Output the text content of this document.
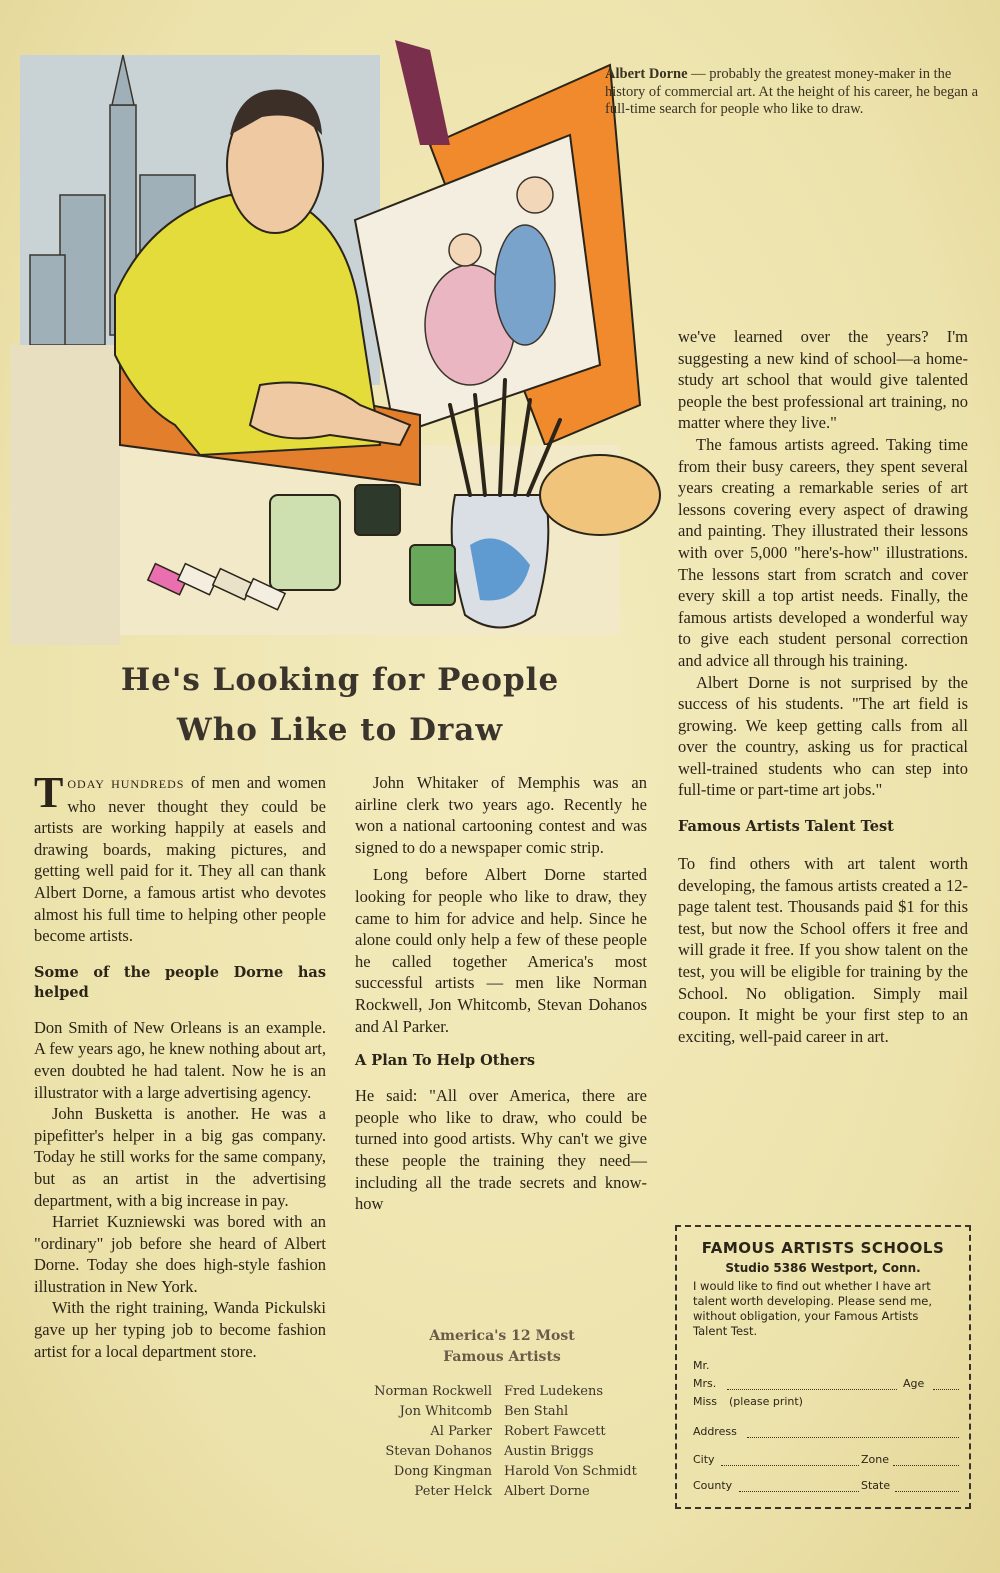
Albert Dorne — probably the greatest money-maker in the history of commercial art. At the height of his career, he began a full-time search for people who like to draw.
He's Looking for People
Who Like to Draw

TODAY HUNDREDS of men and women who never thought they could be artists are working happily at easels and drawing boards, making pictures, and getting well paid for it. They all can thank Albert Dorne, a famous artist who devotes almost his full time to helping other people become artists.

Some of the people Dorne has helped

Don Smith of New Orleans is an example. A few years ago, he knew nothing about art, even doubted he had talent. Now he is an illustrator with a large advertising agency.

John Busketta is another. He was a pipefitter's helper in a big gas company. Today he still works for the same company, but as an artist in the advertising department, with a big increase in pay.

Harriet Kuzniewski was bored with an "ordinary" job before she heard of Albert Dorne. Today she does high-style fashion illustration in New York.

With the right training, Wanda Pickulski gave up her typing job to become fashion artist for a local department store.

John Whitaker of Memphis was an airline clerk two years ago. Recently he won a national cartooning contest and was signed to do a newspaper comic strip.

Long before Albert Dorne started looking for people who like to draw, they came to him for advice and help. Since he alone could only help a few of these people he called together America's most successful artists — men like Norman Rockwell, Jon Whitcomb, Stevan Dohanos and Al Parker.

A Plan To Help Others

He said: "All over America, there are people who like to draw, who could be turned into good artists. Why can't we give these people the training they need—including all the trade secrets and know-how

we've learned over the years? I'm suggesting a new kind of school—a home-study art school that would give talented people the best professional art training, no matter where they live."

The famous artists agreed. Taking time from their busy careers, they spent several years creating a remarkable series of art lessons covering every aspect of drawing and painting. They illustrated their lessons with over 5,000 "here's-how" illustrations. The lessons start from scratch and cover every skill a top artist needs. Finally, the famous artists developed a wonderful way to give each student personal correction and advice all through his training.

Albert Dorne is not surprised by the success of his students. "The art field is growing. We keep getting calls from all over the country, asking us for practical well-trained students who can step into full-time or part-time art jobs."

Famous Artists Talent Test

To find others with art talent worth developing, the famous artists created a 12-page talent test. Thousands paid $1 for this test, but now the School offers it free and will grade it free. If you show talent on the test, you will be eligible for training by the School. No obligation. Simply mail coupon. It might be your first step to an exciting, well-paid career in art.

America's 12 Most
Famous Artists
Norman Rockwell	Fred Ludekens
Jon Whitcomb	Ben Stahl
Al Parker	Robert Fawcett
Stevan Dohanos	Austin Briggs
Dong Kingman	Harold Von Schmidt
Peter Helck	Albert Dorne
FAMOUS ARTISTS SCHOOLS
Studio 5386 Westport, Conn.
I would like to find out whether I have art talent worth developing. Please send me, without obligation, your Famous Artists Talent Test.
Mr.
Mrs.	Age
Miss (please print)
Address
City	Zone
County	State
